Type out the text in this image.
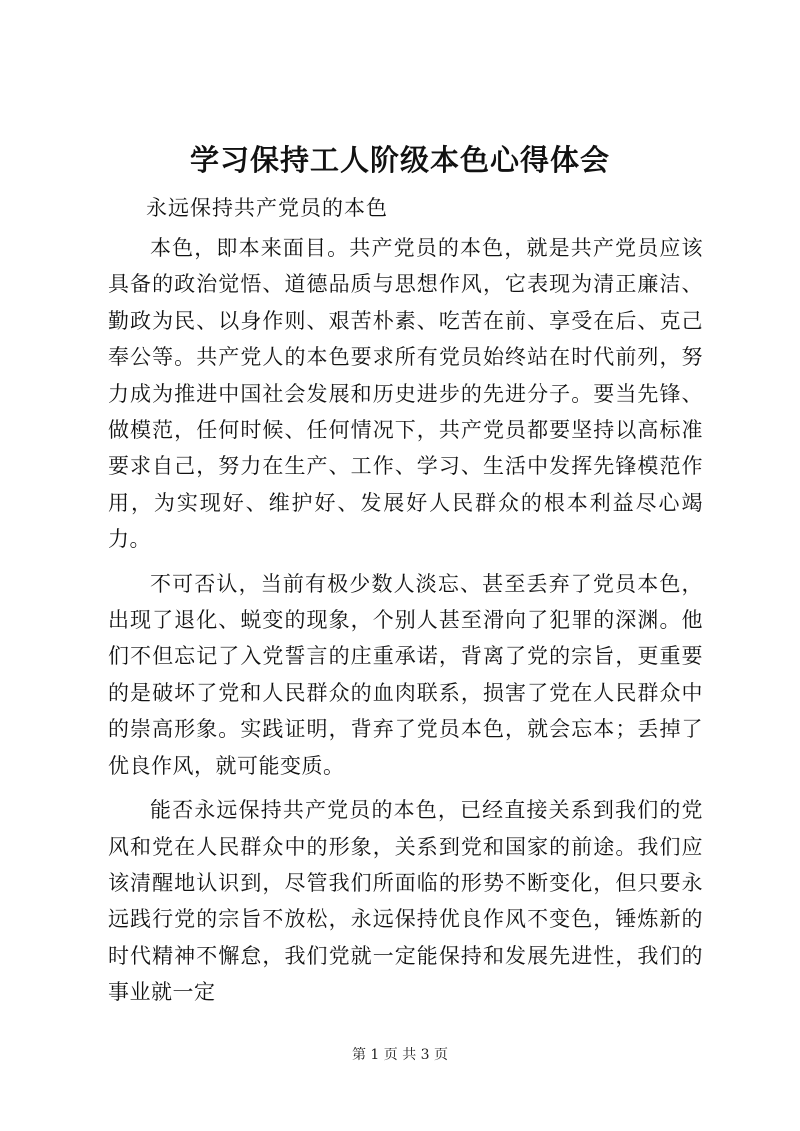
学习保持工人阶级本色心得体会

永远保持共产党员的本色

本色，即本来面目。共产党员的本色，就是共产党员应该具备的政治觉悟、道德品质与思想作风，它表现为清正廉洁、勤政为民、以身作则、艰苦朴素、吃苦在前、享受在后、克己奉公等。共产党人的本色要求所有党员始终站在时代前列，努力成为推进中国社会发展和历史进步的先进分子。要当先锋、做模范，任何时候、任何情况下，共产党员都要坚持以高标准要求自己，努力在生产、工作、学习、生活中发挥先锋模范作用，为实现好、维护好、发展好人民群众的根本利益尽心竭力。

不可否认，当前有极少数人淡忘、甚至丢弃了党员本色，出现了退化、蜕变的现象，个别人甚至滑向了犯罪的深渊。他们不但忘记了入党誓言的庄重承诺，背离了党的宗旨，更重要的是破坏了党和人民群众的血肉联系，损害了党在人民群众中的崇高形象。实践证明，背弃了党员本色，就会忘本；丢掉了优良作风，就可能变质。

能否永远保持共产党员的本色，已经直接关系到我们的党风和党在人民群众中的形象，关系到党和国家的前途。我们应该清醒地认识到，尽管我们所面临的形势不断变化，但只要永远践行党的宗旨不放松，永远保持优良作风不变色，锤炼新的时代精神不懈怠，我们党就一定能保持和发展先进性，我们的事业就一定

第 1 页 共 3 页
